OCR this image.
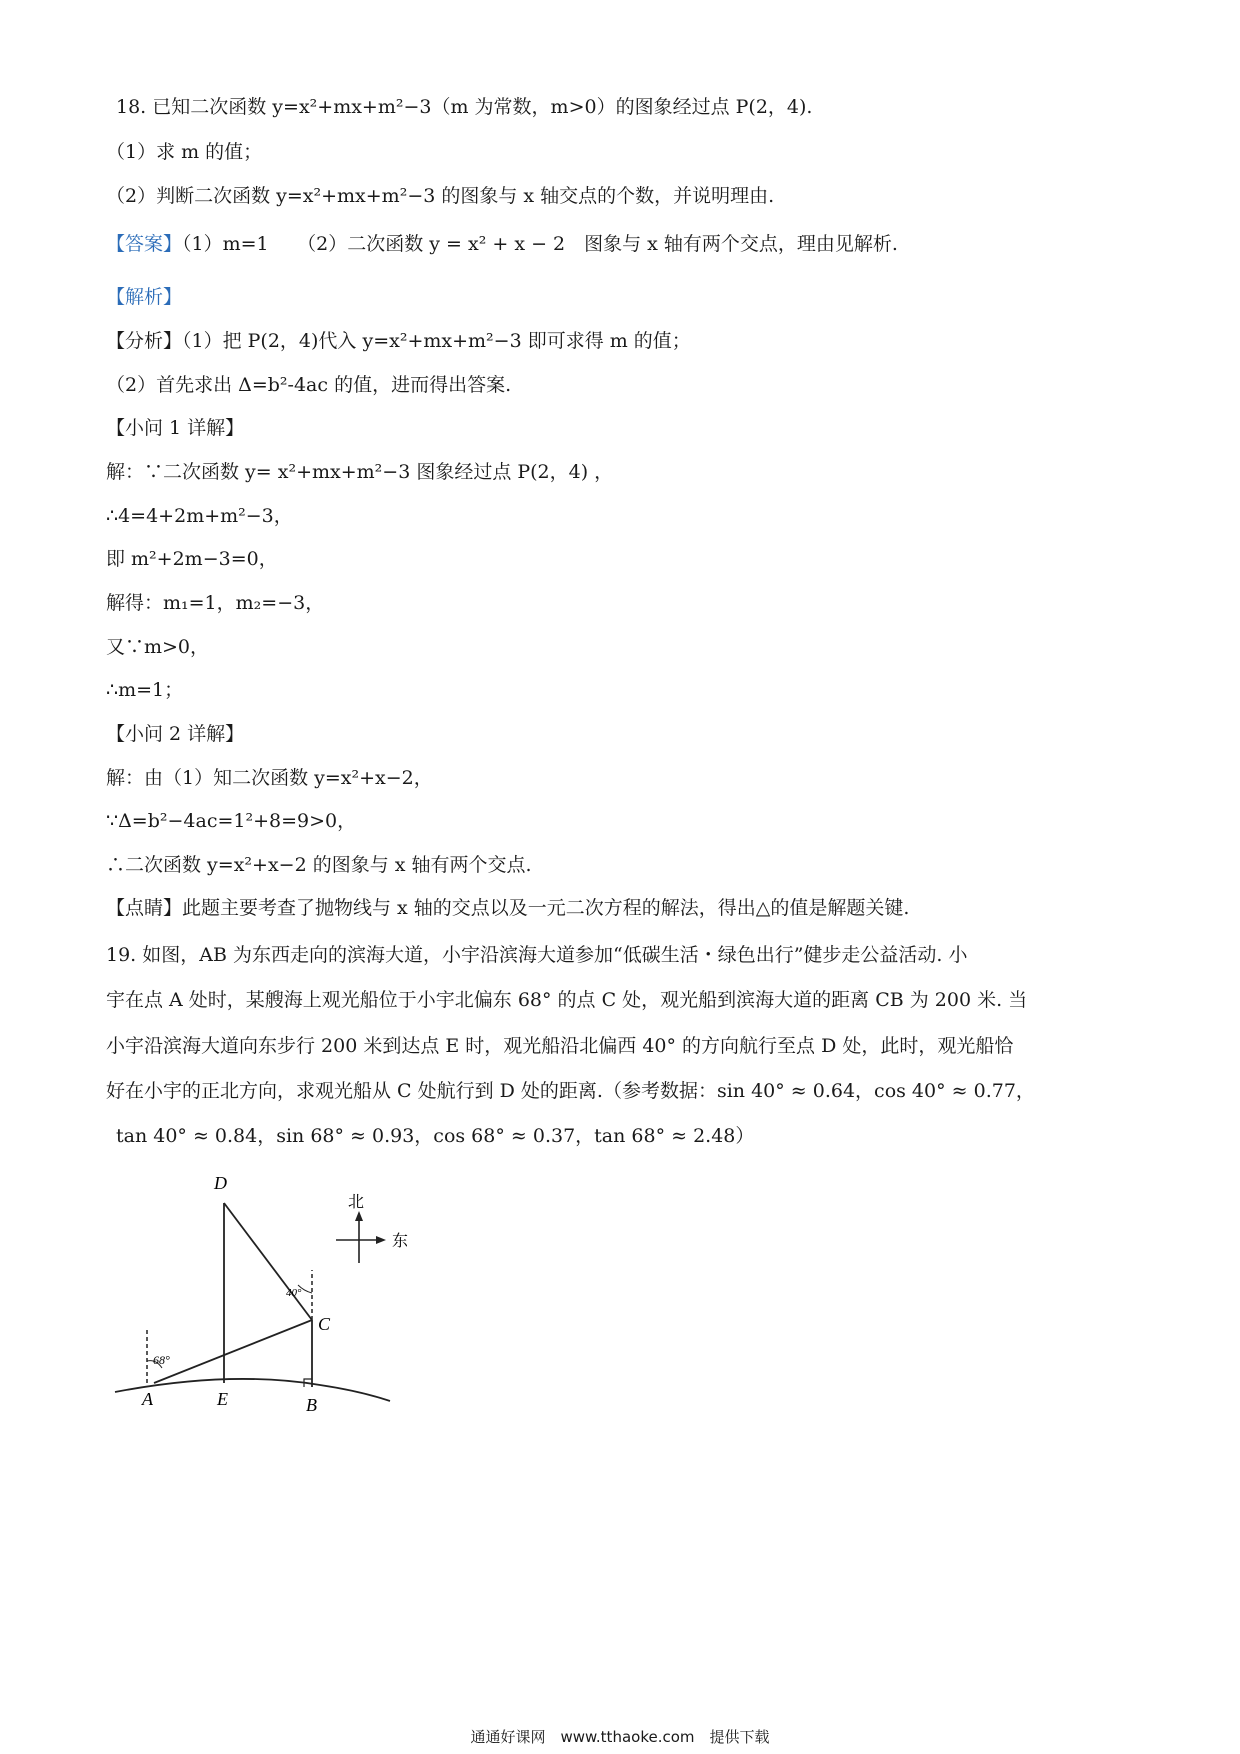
18. 已知二次函数 y=x²+mx+m²−3（m 为常数，m>0）的图象经过点 P(2，4).
（1）求 m 的值；
（2）判断二次函数 y=x²+mx+m²−3 的图象与 x 轴交点的个数，并说明理由.
【答案】（1）m=1　　（2）二次函数 y = x² + x − 2　图象与 x 轴有两个交点，理由见解析.
【解析】
【分析】（1）把 P(2，4)代入 y=x²+mx+m²−3 即可求得 m 的值；
（2）首先求出 Δ=b²-4ac 的值，进而得出答案.
【小问 1 详解】
解：∵二次函数 y= x²+mx+m²−3 图象经过点 P(2，4) ，
∴4=4+2m+m²−3，
即 m²+2m−3=0，
解得：m₁=1，m₂=−3，
又∵m>0，
∴m=1；
【小问 2 详解】
解：由（1）知二次函数 y=x²+x−2，
∵Δ=b²−4ac=1²+8=9>0，
∴二次函数 y=x²+x−2 的图象与 x 轴有两个交点.
【点睛】此题主要考查了抛物线与 x 轴的交点以及一元二次方程的解法，得出△的值是解题关键.
19. 如图，AB 为东西走向的滨海大道，小宇沿滨海大道参加“低碳生活・绿色出行”健步走公益活动. 小
宇在点 A 处时，某艘海上观光船位于小宇北偏东 68° 的点 C 处，观光船到滨海大道的距离 CB 为 200 米. 当
小宇沿滨海大道向东步行 200 米到达点 E 时，观光船沿北偏西 40° 的方向航行至点 D 处，此时，观光船恰
好在小宇的正北方向，求观光船从 C 处航行到 D 处的距离.（参考数据：sin 40° ≈ 0.64，cos 40° ≈ 0.77，
tan 40° ≈ 0.84，sin 68° ≈ 0.93，cos 68° ≈ 0.37，tan 68° ≈ 2.48）
D
C
A	E	B
40°
68°
北
东
通通好课网　www.tthaoke.com　提供下载
